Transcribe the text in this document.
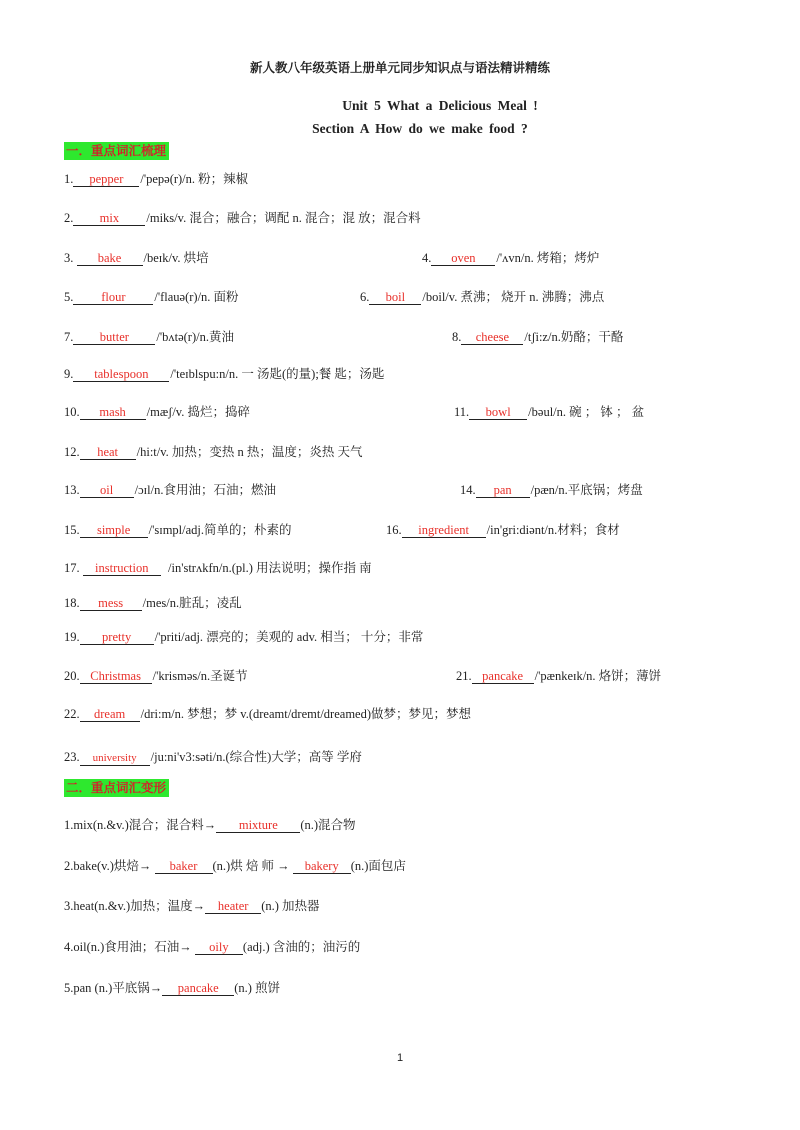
新人教八年级英语上册单元同步知识点与语法精讲精练
Unit 5 What a Delicious Meal !
Section A How do we make food ?
一．重点词汇梳理
1. pepper /'pepə(r)/n. 粉；辣椒
2. mix /miks/v. 混合；融合；调配 n. 混合；混 放；混合料
3. bake /beɪk/v. 烘培	4. oven /'ʌvn/n. 烤箱；烤炉
5. flour /'flauə(r)/n. 面粉	6. boil /boil/v. 煮沸； 烧开 n. 沸腾；沸点
7. butter /'bʌtə(r)/n.黄油	8. cheese /tʃi:z/n.奶酪；干酪
9. tablespoon /'teɪblspu:n/n. 一 汤匙(的量);餐 匙；汤匙
10. mash /mæʃ/v. 捣烂；捣碎	11. bowl /bəul/n. 碗 ； 钵 ； 盆
12. heat /hi:t/v. 加热；变热 n 热；温度；炎热 天气
13. oil /ɔɪl/n.食用油；石油；燃油	14. pan /pæn/n.平底锅；烤盘
15. simple /'sɪmpl/adj.简单的；朴素的	16. ingredient /in'gri:diənt/n.材料；食材
17. instruction /in'strʌkfn/n.(pl.) 用法说明；操作指 南
18. mess /mes/n.脏乱；凌乱
19. pretty /'priti/adj. 漂亮的；美观的 adv. 相当； 十分；非常
20. Christmas /'krisməs/n.圣诞节	21. pancake /'pænkeɪk/n. 烙饼；薄饼
22. dream /dri:m/n. 梦想；梦 v.(dreamt/dremt/dreamed)做梦；梦见；梦想
23. university /ju:ni'v3:səti/n.(综合性)大学；高等 学府
二．重点词汇变形
1.mix(n.&v.)混合；混合料→ mixture (n.)混合物
2.bake(v.)烘焙→ baker (n.)烘 焙 师 → bakery (n.)面包店
3.heat(n.&v.)加热；温度→ heater (n.) 加热器
4.oil(n.)食用油；石油→ oily (adj.) 含油的；油污的
5.pan (n.)平底锅→ pancake (n.) 煎饼
1
